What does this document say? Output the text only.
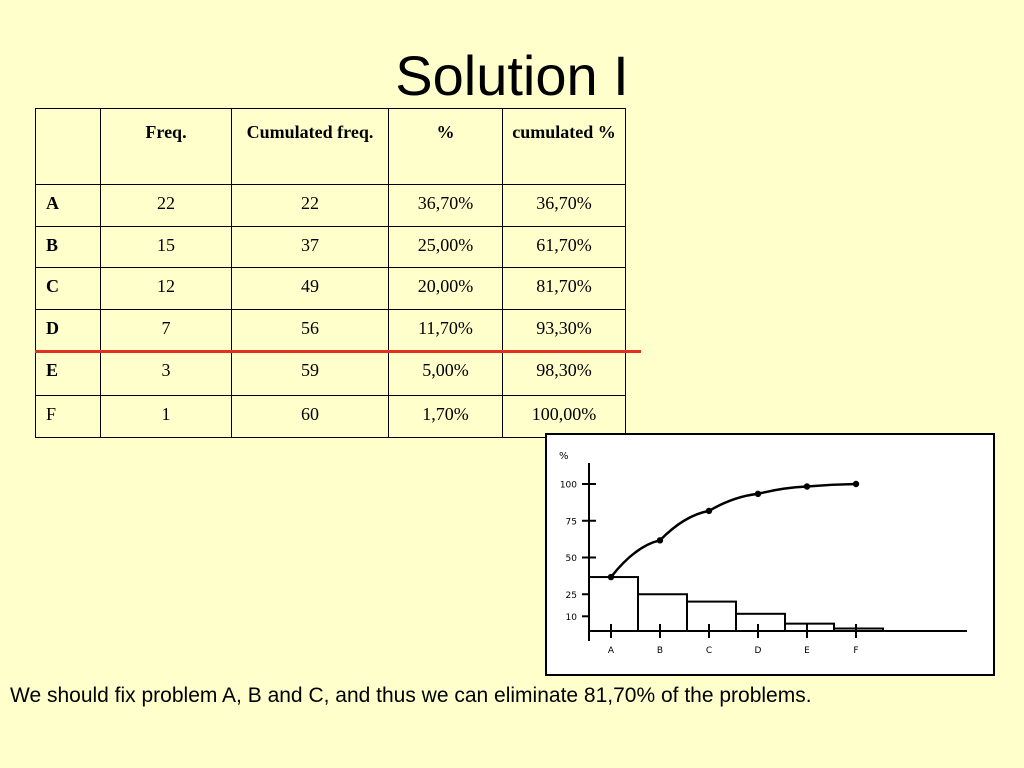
Solution I
	Freq.	Cumulated freq.	%	cumulated %
A	22	22	36,70%	36,70%
B	15	37	25,00%	61,70%
C	12	49	20,00%	81,70%
D	7	56	11,70%	93,30%
E	3	59	5,00%	98,30%
F	1	60	1,70%	100,00%
%
10
25
50
75
100
A	B	C	D	E	F
We should fix problem A, B and C, and thus we can eliminate 81,70% of the problems.
